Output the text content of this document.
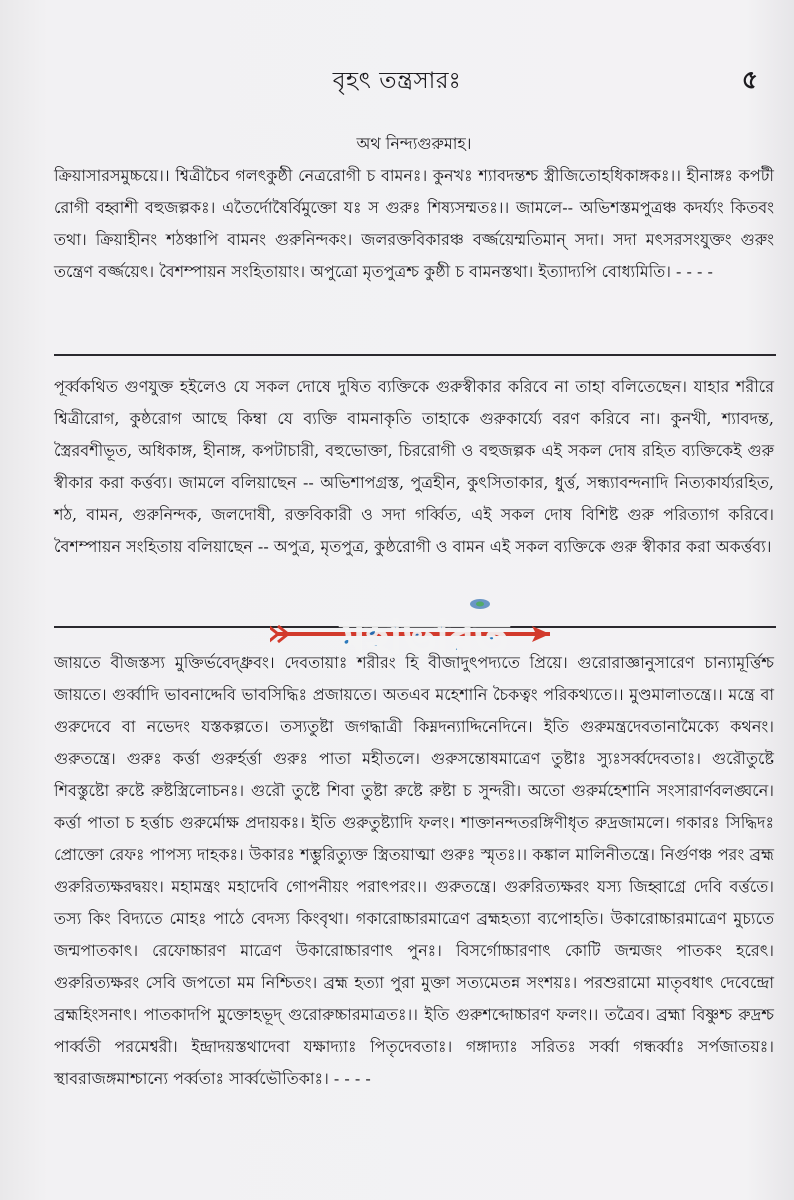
বৃহৎ তন্ত্রসারঃ	৫
অথ নিন্দ্যগুরুমাহ।
ক্রিয়াসারসমুচ্চয়ে।। শ্বিত্রীচৈব গলৎকুষ্ঠী নেত্ররোগী চ বামনঃ। কুনখঃ শ্যাবদন্তশ্চ স্ত্রীজিতোহধিকাঙ্গকঃ।। হীনাঙ্গঃ কপটী রোগী বহ্বাশী বহুজল্পকঃ। এতৈর্দোষৈর্বিমুক্তো যঃ স গুরুঃ শিষ্যসম্মতঃ।। জামলে-- অভিশস্তমপুত্রঞ্চ কদর্য্যং কিতবং তথা। ক্রিয়াহীনং শঠঞ্চাপি বামনং গুরুনিন্দকং। জলরক্তবিকারঞ্চ বর্জ্জয়েম্মতিমান্ সদা। সদা মৎসরসংযুক্তং গুরুং তন্ত্রেণ বর্জ্জয়েৎ। বৈশম্পায়ন সংহিতায়াং। অপুত্রো মৃতপুত্রশ্চ কুষ্ঠী চ বামনস্তথা। ইত্যাদ্যপি বোধ্যমিতি। - - - -
পূর্ব্বকথিত গুণযুক্ত হইলেও যে সকল দোষে দুষিত ব্যক্তিকে গুরুস্বীকার করিবে না তাহা বলিতেছেন। যাহার শরীরে শ্বিত্রীরোগ, কুষ্ঠরোগ আছে কিম্বা যে ব্যক্তি বামনাকৃতি তাহাকে গুরুকার্য্যে বরণ করিবে না। কুনখী, শ্যাবদন্ত, স্ত্রৈরবশীভূত, অধিকাঙ্গ, হীনাঙ্গ, কপটাচারী, বহুভোক্তা, চিররোগী ও বহুজল্পক এই সকল দোষ রহিত ব্যক্তিকেই গুরু স্বীকার করা কর্ত্তব্য। জামলে বলিয়াছেন -- অভিশাপগ্রস্ত, পুত্রহীন, কুৎসিতাকার, ধুর্ত্ত, সন্ধ্যাবন্দনাদি নিত্যকার্য্যরহিত, শঠ, বামন, গুরুনিন্দক, জলদোষী, রক্তবিকারী ও সদা গর্ব্বিত, এই সকল দোষ বিশিষ্ট গুরু পরিত্যাগ করিবে। বৈশম্পায়ন সংহিতায় বলিয়াছেন -- অপুত্র, মৃতপুত্র, কুষ্ঠরোগী ও বামন এই সকল ব্যক্তিকে গুরু স্বীকার করা অকর্ত্তব্য।
জায়তে বীজস্তস্য মুক্তির্ভবেদ্ধ্রুবং। দেবতায়াঃ শরীরং হি বীজাদুৎপদ্যতে প্রিয়ে। গুরোরাজ্ঞানুসারেণ চান্যামূর্ত্তিশ্চ জায়তে। গুর্ব্বাদি ভাবনাদ্দেবি ভাবসিদ্ধিঃ প্রজায়তে। অতএব মহেশানি চৈকত্বং পরিকথ্যতে।। মুণ্ডমালাতন্ত্রে।। মন্ত্রে বা গুরুদেবে বা নভেদং যস্তকল্পতে। তস্যতুষ্টা জগদ্ধাত্রী কিম্নদন্যাদ্দিনেদিনে। ইতি গুরুমন্ত্রদেবতানামৈক্যে কথনং। গুরুতন্ত্রে। গুরুঃ কর্ত্তা গুরুর্হর্ত্তা গুরুঃ পাতা মহীতলে। গুরুসন্তোষমাত্রেণ তুষ্টাঃ স্যুঃসর্ব্বদেবতাঃ। গুরৌতুষ্টে শিবস্তুষ্টো রুষ্টে রুষ্টস্ত্রিলোচনঃ। গুরৌ তুষ্টে শিবা তুষ্টা রুষ্টে রুষ্টা চ সুন্দরী। অতো গুরুর্মহেশানি সংসারার্ণবলঙ্ঘনে। কর্ত্তা পাতা চ হর্ত্তাচ গুরুর্মোক্ষ প্রদায়কঃ। ইতি গুরুতুষ্ট্যাদি ফলং। শাক্তানন্দতরঙ্গিণীধৃত রুদ্রজামলে। গকারঃ সিদ্ধিদঃ প্রোক্তো রেফঃ পাপস্য দাহকঃ। উকারঃ শম্ভুরিত্যুক্ত স্ত্রিতয়াত্মা গুরুঃ স্মৃতঃ।। কঙ্কাল মালিনীতন্ত্রে। নির্গুণঞ্চ পরং ব্রহ্ম গুরুরিত্যক্ষরদ্বয়ং। মহামন্ত্রং মহাদেবি গোপনীয়ং পরাৎপরং।। গুরুতন্ত্রে। গুরুরিত্যক্ষরং যস্য জিহ্বাগ্রে দেবি বর্ত্ততে। তস্য কিং বিদ্যতে মোহঃ পাঠে বেদস্য কিংবৃথা। গকারোচ্চারমাত্রেণ ব্রহ্মহত্যা ব্যপোহতি। উকারোচ্চারমাত্রেণ মুচ্যতে জন্মপাতকাৎ। রেফোচ্চারণ মাত্রেণ উকারোচ্চারণাৎ পুনঃ। বিসর্গোচ্চারণাৎ কোটি জন্মজং পাতকং হরেৎ। গুরুরিত্যক্ষরং সেবি জপতো মম নিশ্চিতং। ব্রহ্ম হত্যা পুরা মুক্তা সত্যমেতন্ন সংশয়ঃ। পরশুরামো মাতৃবধাৎ দেবেন্দ্রো ব্রহ্মহিংসনাৎ। পাতকাদপি মুক্তোহভূদ্ গুরোরুচ্চারমাত্রতঃ।। ইতি গুরুশব্দোচ্চারণ ফলং।। তত্রৈব। ব্রহ্মা বিষ্ণুশ্চ রুদ্রশ্চ পার্ব্বতী পরমেশ্বরী। ইন্দ্রাদয়স্তথাদেবা যক্ষাদ্যাঃ পিতৃদেবতাঃ। গঙ্গাদ্যাঃ সরিতঃ সর্ব্বা গন্ধর্ব্বাঃ সর্পজাতয়ঃ। স্থাবরাজঙ্গমাশ্চান্যে পর্ব্বতাঃ সার্ব্বভৌতিকাঃ। - - - -
মহাভারত
